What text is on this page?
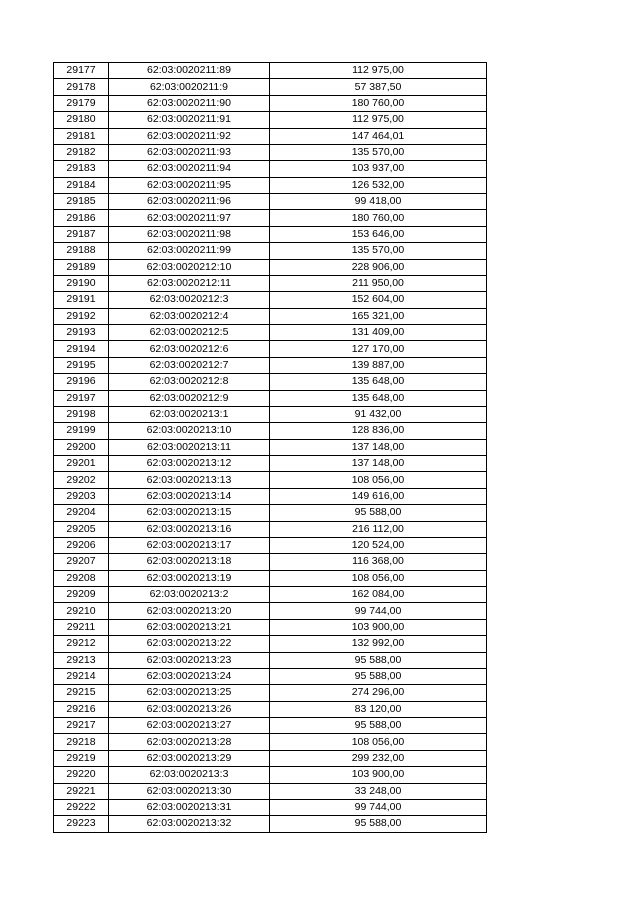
29177	62:03:0020211:89	112 975,00
29178	62:03:0020211:9	57 387,50
29179	62:03:0020211:90	180 760,00
29180	62:03:0020211:91	112 975,00
29181	62:03:0020211:92	147 464,01
29182	62:03:0020211:93	135 570,00
29183	62:03:0020211:94	103 937,00
29184	62:03:0020211:95	126 532,00
29185	62:03:0020211:96	99 418,00
29186	62:03:0020211:97	180 760,00
29187	62:03:0020211:98	153 646,00
29188	62:03:0020211:99	135 570,00
29189	62:03:0020212:10	228 906,00
29190	62:03:0020212:11	211 950,00
29191	62:03:0020212:3	152 604,00
29192	62:03:0020212:4	165 321,00
29193	62:03:0020212:5	131 409,00
29194	62:03:0020212:6	127 170,00
29195	62:03:0020212:7	139 887,00
29196	62:03:0020212:8	135 648,00
29197	62:03:0020212:9	135 648,00
29198	62:03:0020213:1	91 432,00
29199	62:03:0020213:10	128 836,00
29200	62:03:0020213:11	137 148,00
29201	62:03:0020213:12	137 148,00
29202	62:03:0020213:13	108 056,00
29203	62:03:0020213:14	149 616,00
29204	62:03:0020213:15	95 588,00
29205	62:03:0020213:16	216 112,00
29206	62:03:0020213:17	120 524,00
29207	62:03:0020213:18	116 368,00
29208	62:03:0020213:19	108 056,00
29209	62:03:0020213:2	162 084,00
29210	62:03:0020213:20	99 744,00
29211	62:03:0020213:21	103 900,00
29212	62:03:0020213:22	132 992,00
29213	62:03:0020213:23	95 588,00
29214	62:03:0020213:24	95 588,00
29215	62:03:0020213:25	274 296,00
29216	62:03:0020213:26	83 120,00
29217	62:03:0020213:27	95 588,00
29218	62:03:0020213:28	108 056,00
29219	62:03:0020213:29	299 232,00
29220	62:03:0020213:3	103 900,00
29221	62:03:0020213:30	33 248,00
29222	62:03:0020213:31	99 744,00
29223	62:03:0020213:32	95 588,00
